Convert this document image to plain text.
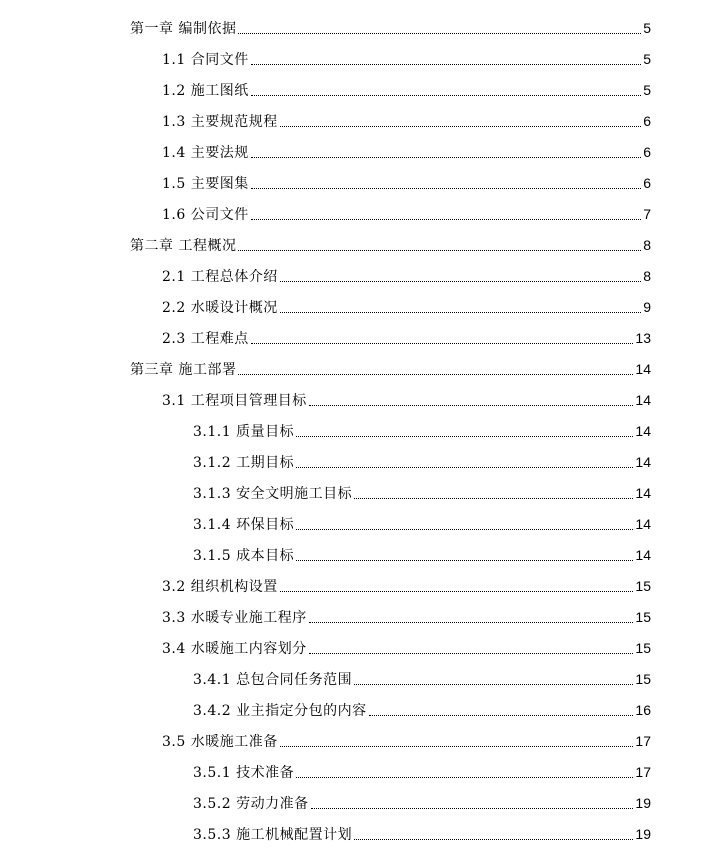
第一章 编制依据	5
1.1 合同文件	5
1.2 施工图纸	5
1.3 主要规范规程	6
1.4 主要法规	6
1.5 主要图集	6
1.6 公司文件	7
第二章 工程概况	8
2.1 工程总体介绍	8
2.2 水暖设计概况	9
2.3 工程难点	13
第三章 施工部署	14
3.1 工程项目管理目标	14
3.1.1 质量目标	14
3.1.2 工期目标	14
3.1.3 安全文明施工目标	14
3.1.4 环保目标	14
3.1.5 成本目标	14
3.2 组织机构设置	15
3.3 水暖专业施工程序	15
3.4 水暖施工内容划分	15
3.4.1 总包合同任务范围	15
3.4.2 业主指定分包的内容	16
3.5 水暖施工准备	17
3.5.1 技术准备	17
3.5.2 劳动力准备	19
3.5.3 施工机械配置计划	19
